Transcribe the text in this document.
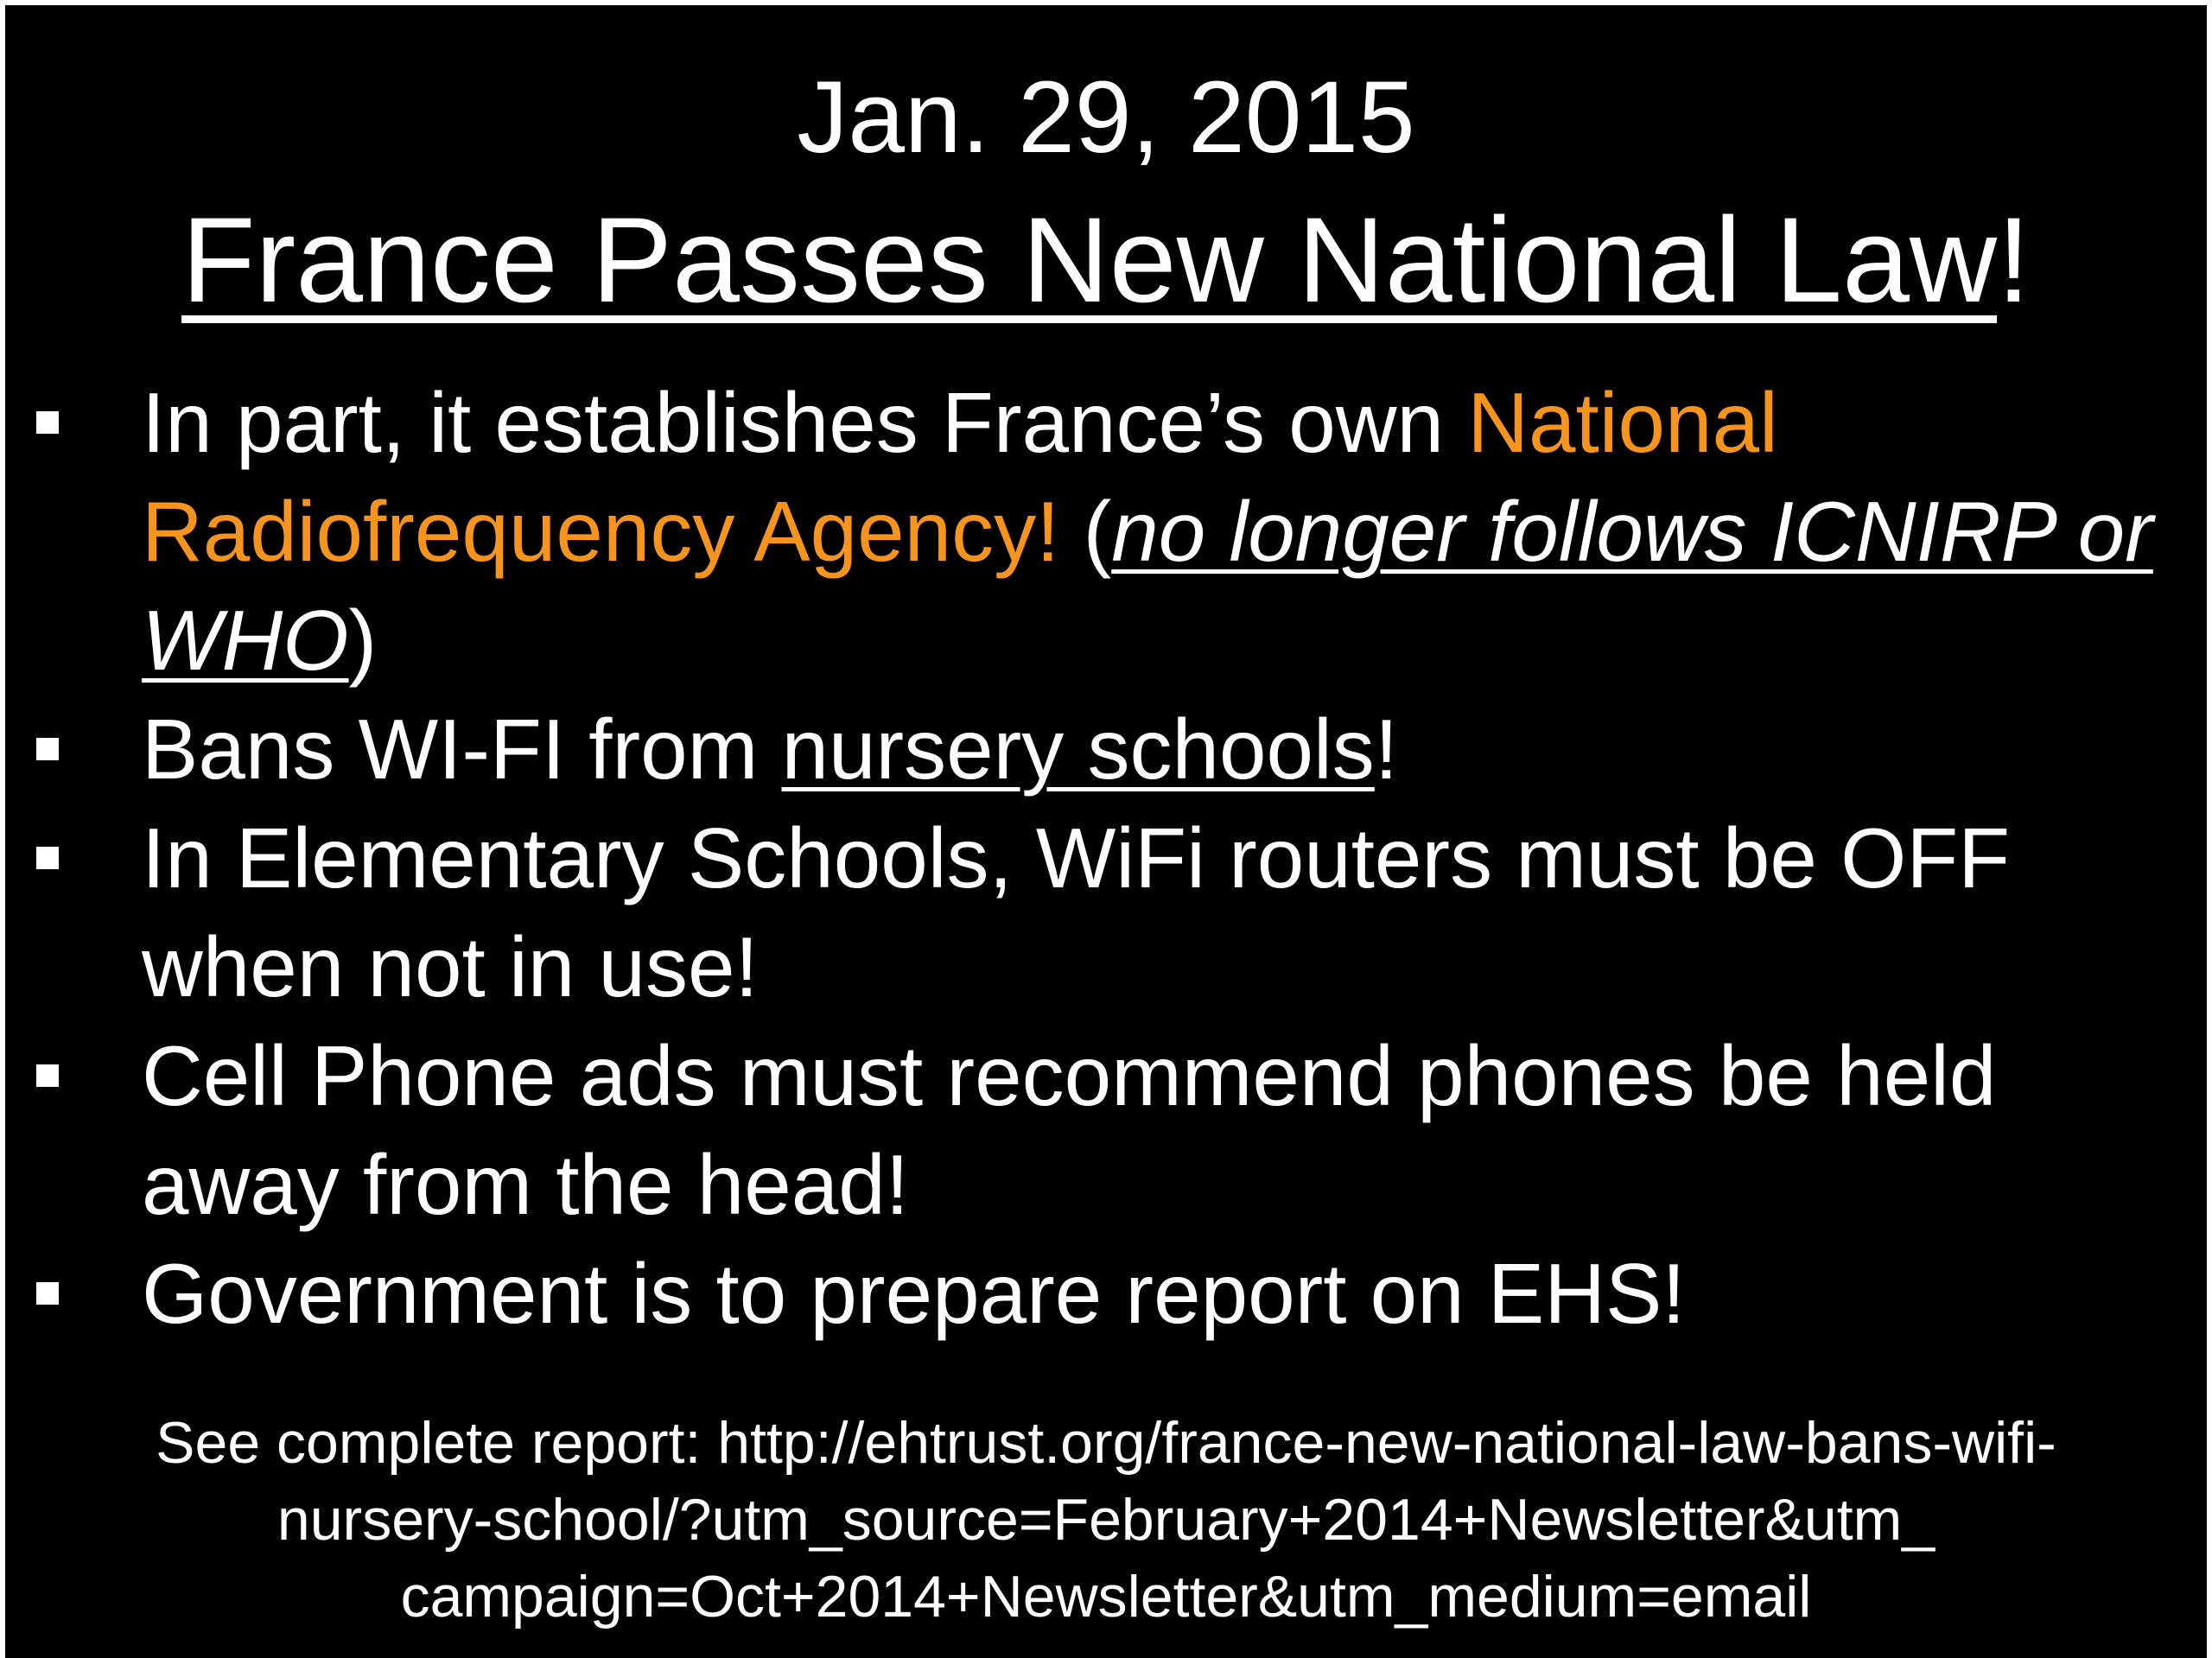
Jan. 29, 2015
France Passes New National Law!
In part, it establishes France’s own National Radiofrequency Agency! (no longer follows ICNIRP or WHO)
Bans WI-FI from nursery schools!
In Elementary Schools, WiFi routers must be OFF when not in use!
Cell Phone ads must recommend phones be held away from the head!
Government is to prepare report on EHS!
See complete report: http://ehtrust.org/france-new-national-law-bans-wifi-
nursery-school/?utm_source=February+2014+Newsletter&utm_
campaign=Oct+2014+Newsletter&utm_medium=email
